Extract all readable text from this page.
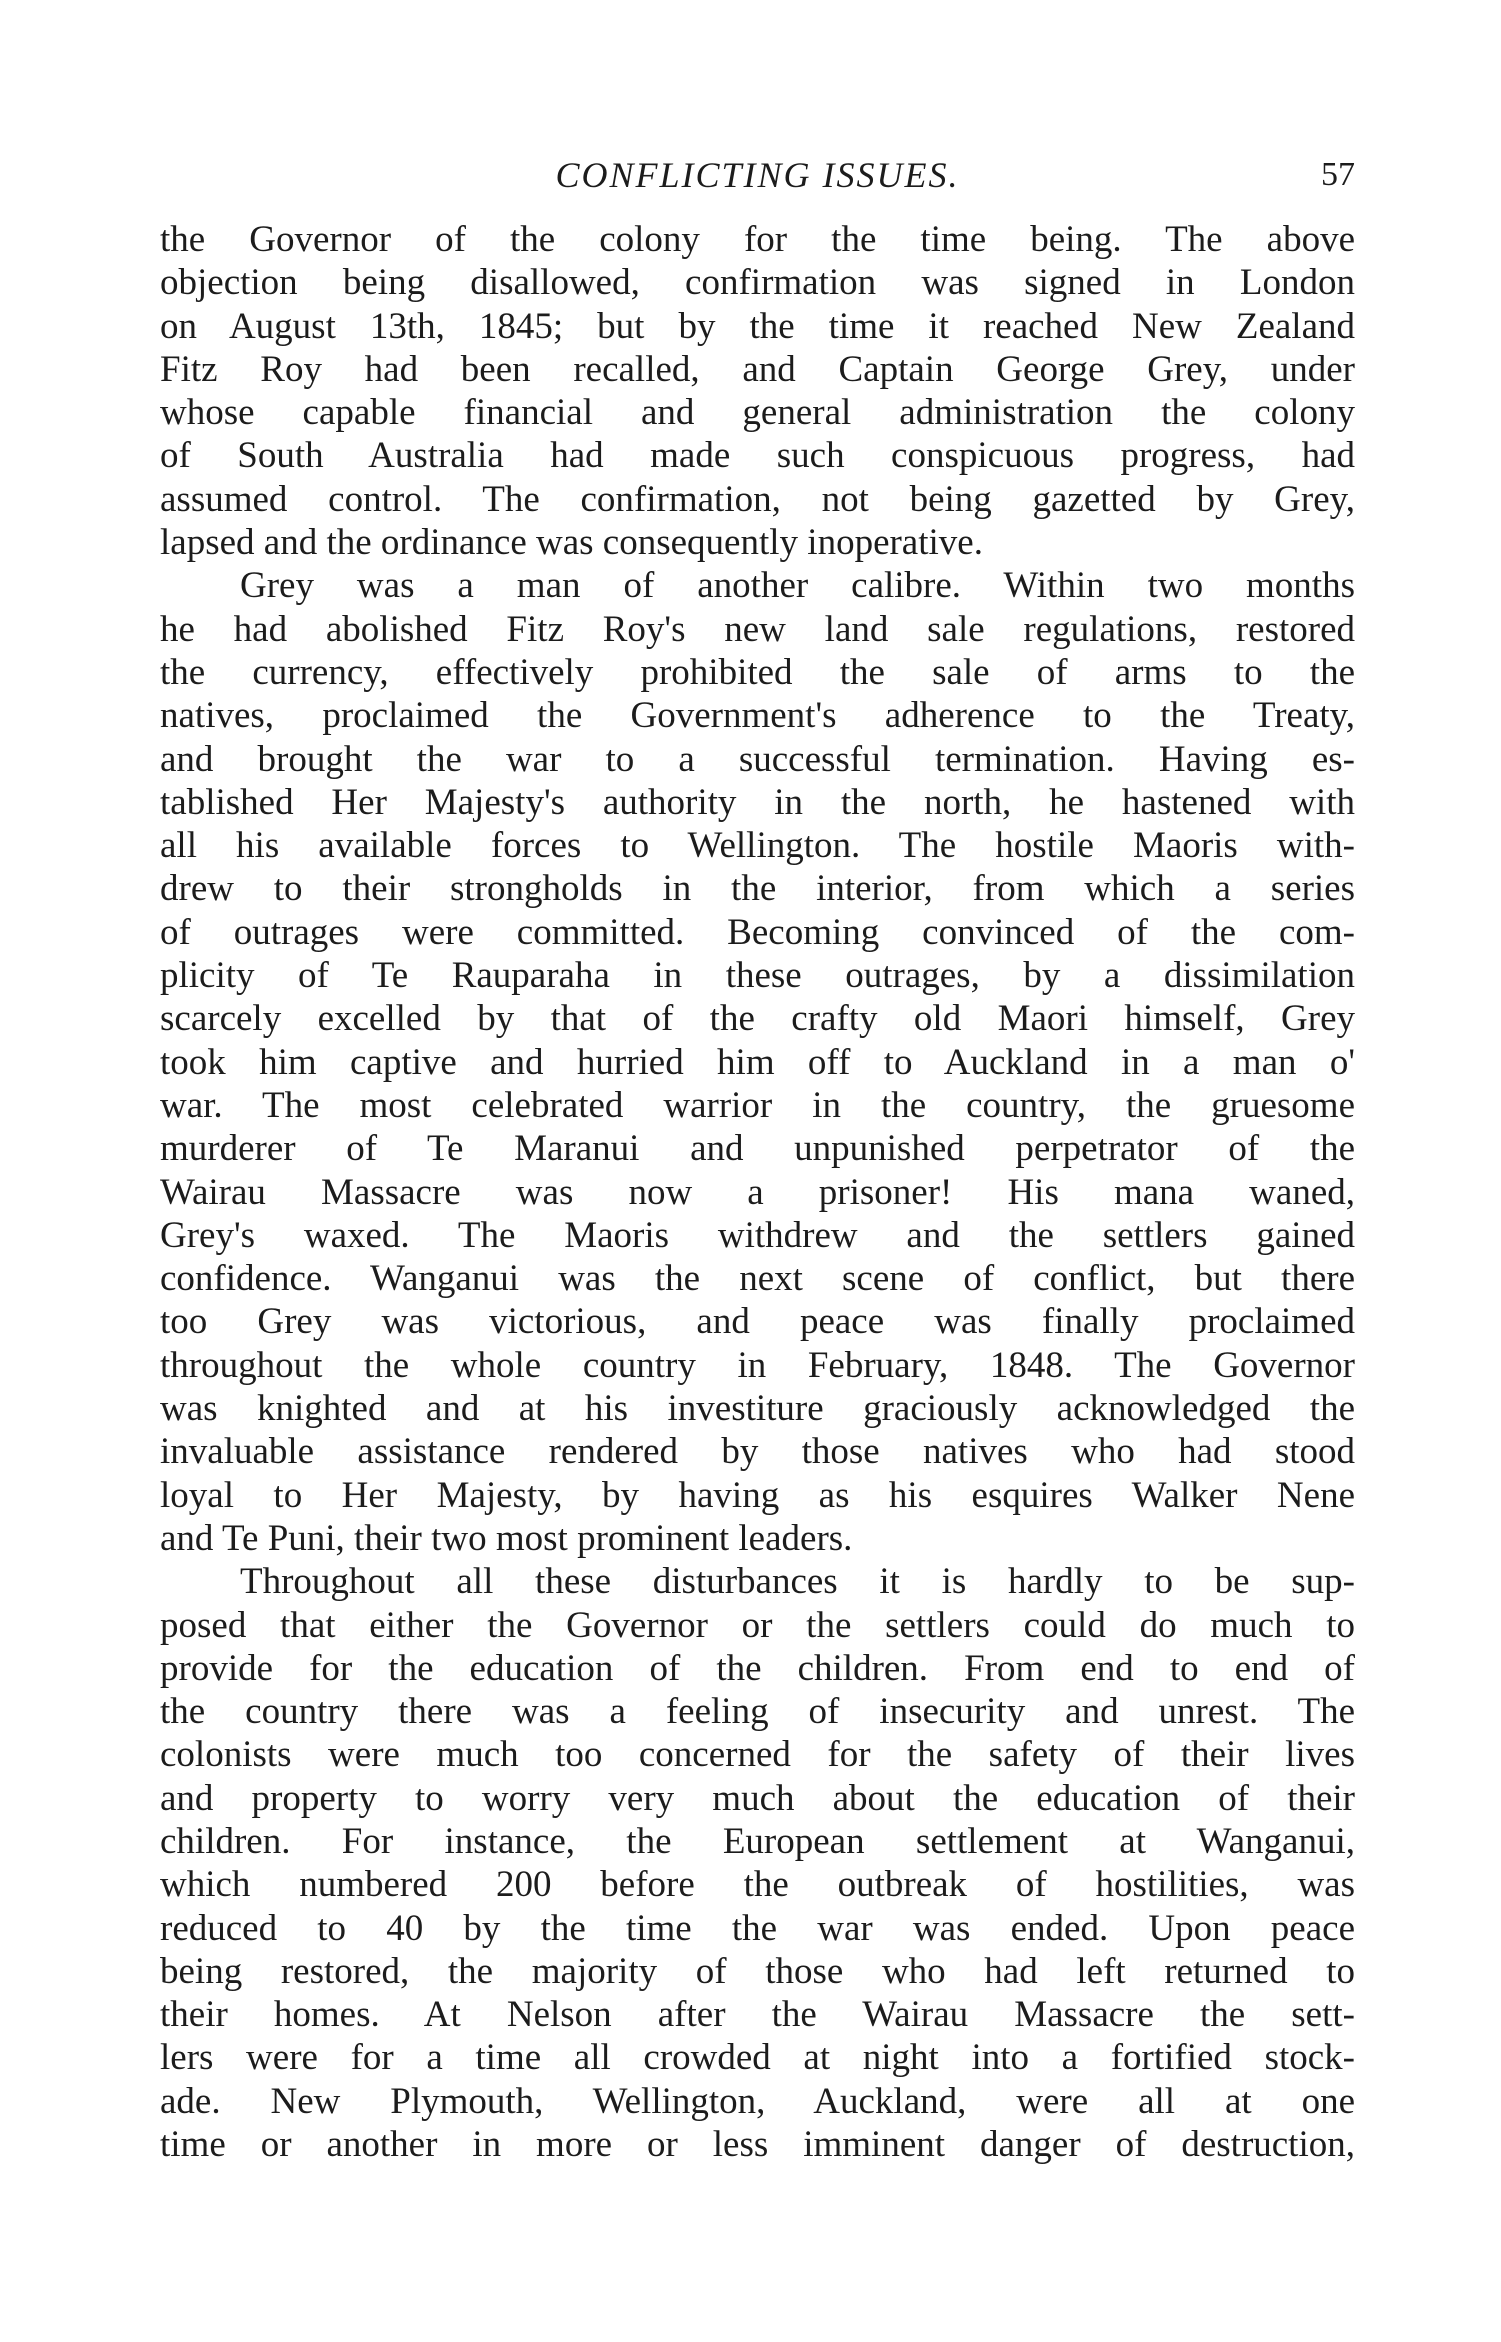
CONFLICTING ISSUES.	57
the Governor of the colony for the time being. The above
objection being disallowed, confirmation was signed in London
on August 13th, 1845; but by the time it reached New Zealand
Fitz Roy had been recalled, and Captain George Grey, under
whose capable financial and general administration the colony
of South Australia had made such conspicuous progress, had
assumed control. The confirmation, not being gazetted by Grey,
lapsed and the ordinance was consequently inoperative.
Grey was a man of another calibre. Within two months
he had abolished Fitz Roy's new land sale regulations, restored
the currency, effectively prohibited the sale of arms to the
natives, proclaimed the Government's adherence to the Treaty,
and brought the war to a successful termination. Having es-
tablished Her Majesty's authority in the north, he hastened with
all his available forces to Wellington. The hostile Maoris with-
drew to their strongholds in the interior, from which a series
of outrages were committed. Becoming convinced of the com-
plicity of Te Rauparaha in these outrages, by a dissimilation
scarcely excelled by that of the crafty old Maori himself, Grey
took him captive and hurried him off to Auckland in a man o'
war. The most celebrated warrior in the country, the gruesome
murderer of Te Maranui and unpunished perpetrator of the
Wairau Massacre was now a prisoner! His mana waned,
Grey's waxed. The Maoris withdrew and the settlers gained
confidence. Wanganui was the next scene of conflict, but there
too Grey was victorious, and peace was finally proclaimed
throughout the whole country in February, 1848. The Governor
was knighted and at his investiture graciously acknowledged the
invaluable assistance rendered by those natives who had stood
loyal to Her Majesty, by having as his esquires Walker Nene
and Te Puni, their two most prominent leaders.
Throughout all these disturbances it is hardly to be sup-
posed that either the Governor or the settlers could do much to
provide for the education of the children. From end to end of
the country there was a feeling of insecurity and unrest. The
colonists were much too concerned for the safety of their lives
and property to worry very much about the education of their
children. For instance, the European settlement at Wanganui,
which numbered 200 before the outbreak of hostilities, was
reduced to 40 by the time the war was ended. Upon peace
being restored, the majority of those who had left returned to
their homes. At Nelson after the Wairau Massacre the sett-
lers were for a time all crowded at night into a fortified stock-
ade. New Plymouth, Wellington, Auckland, were all at one
time or another in more or less imminent danger of destruction,
